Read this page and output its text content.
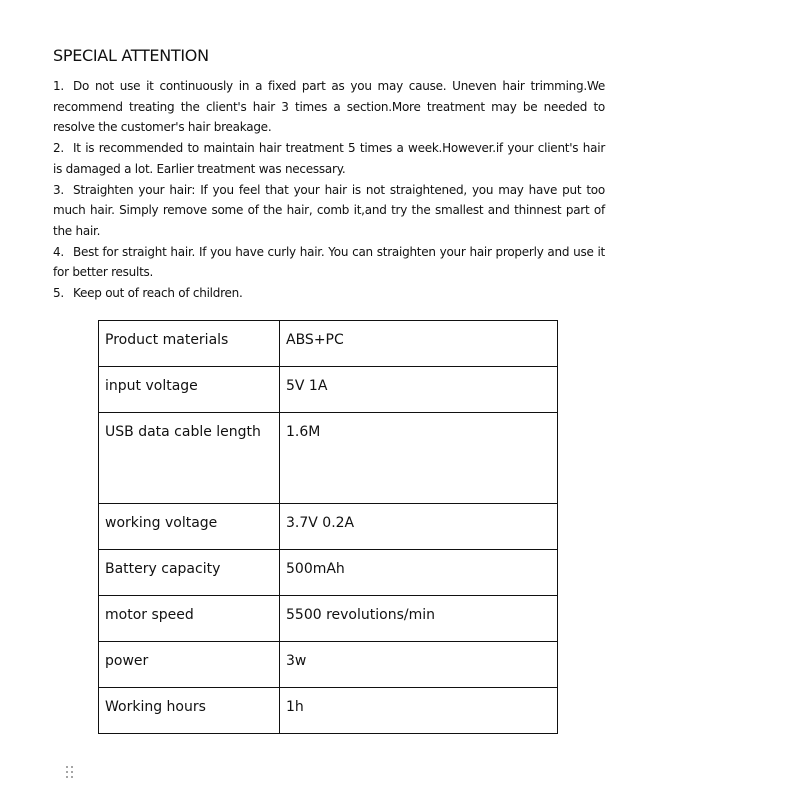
SPECIAL ATTENTION
1. Do not use it continuously in a fixed part as you may cause. Uneven hair trimming.We recommend treating the client's hair 3 times a section.More treatment may be needed to resolve the customer's hair breakage.
2. It is recommended to maintain hair treatment 5 times a week.However.if your client's hair is damaged a lot. Earlier treatment was necessary.
3. Straighten your hair: If you feel that your hair is not straightened, you may have put too much hair. Simply remove some of the hair, comb it,and try the smallest and thinnest part of the hair.
4. Best for straight hair. If you have curly hair. You can straighten your hair properly and use it for better results.
5. Keep out of reach of children.
Product materials	ABS+PC
input voltage	5V 1A
USB data cable length	1.6M
working voltage	3.7V 0.2A
Battery capacity	500mAh
motor speed	5500 revolutions/min
power	3w
Working hours	1h
